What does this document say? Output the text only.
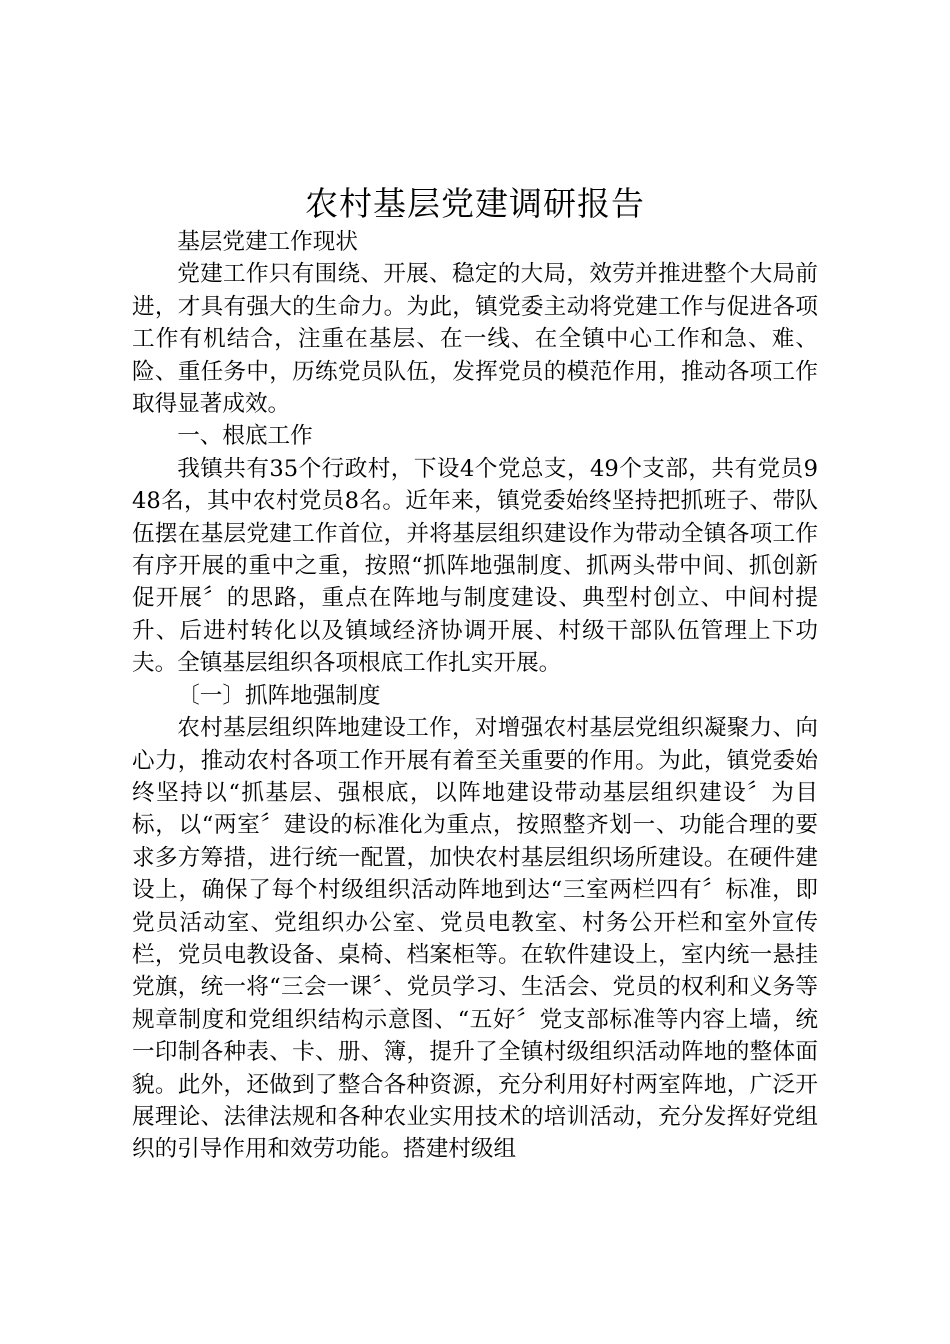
农村基层党建调研报告

基层党建工作现状

党建工作只有围绕、开展、稳定的大局，效劳并推进整个大局前进，才具有强大的生命力。为此，镇党委主动将党建工作与促进各项工作有机结合，注重在基层、在一线、在全镇中心工作和急、难、险、重任务中，历练党员队伍，发挥党员的模范作用，推动各项工作取得显著成效。

一、根底工作

我镇共有35个行政村，下设4个党总支，49个支部，共有党员948名，其中农村党员8名。近年来，镇党委始终坚持把抓班子、带队伍摆在基层党建工作首位，并将基层组织建设作为带动全镇各项工作有序开展的重中之重，按照“抓阵地强制度、抓两头带中间、抓创新促开展〞的思路，重点在阵地与制度建设、典型村创立、中间村提升、后进村转化以及镇域经济协调开展、村级干部队伍管理上下功夫。全镇基层组织各项根底工作扎实开展。

〔一〕抓阵地强制度

农村基层组织阵地建设工作，对增强农村基层党组织凝聚力、向心力，推动农村各项工作开展有着至关重要的作用。为此，镇党委始终坚持以“抓基层、强根底，以阵地建设带动基层组织建设〞为目标，以“两室〞建设的标准化为重点，按照整齐划一、功能合理的要求多方筹措，进行统一配置，加快农村基层组织场所建设。在硬件建设上，确保了每个村级组织活动阵地到达“三室两栏四有〞标准，即党员活动室、党组织办公室、党员电教室、村务公开栏和室外宣传栏，党员电教设备、桌椅、档案柜等。在软件建设上，室内统一悬挂党旗，统一将“三会一课〞、党员学习、生活会、党员的权利和义务等规章制度和党组织结构示意图、“五好〞党支部标准等内容上墙，统一印制各种表、卡、册、簿，提升了全镇村级组织活动阵地的整体面貌。此外，还做到了整合各种资源，充分利用好村两室阵地，广泛开展理论、法律法规和各种农业实用技术的培训活动，充分发挥好党组织的引导作用和效劳功能。搭建村级组
